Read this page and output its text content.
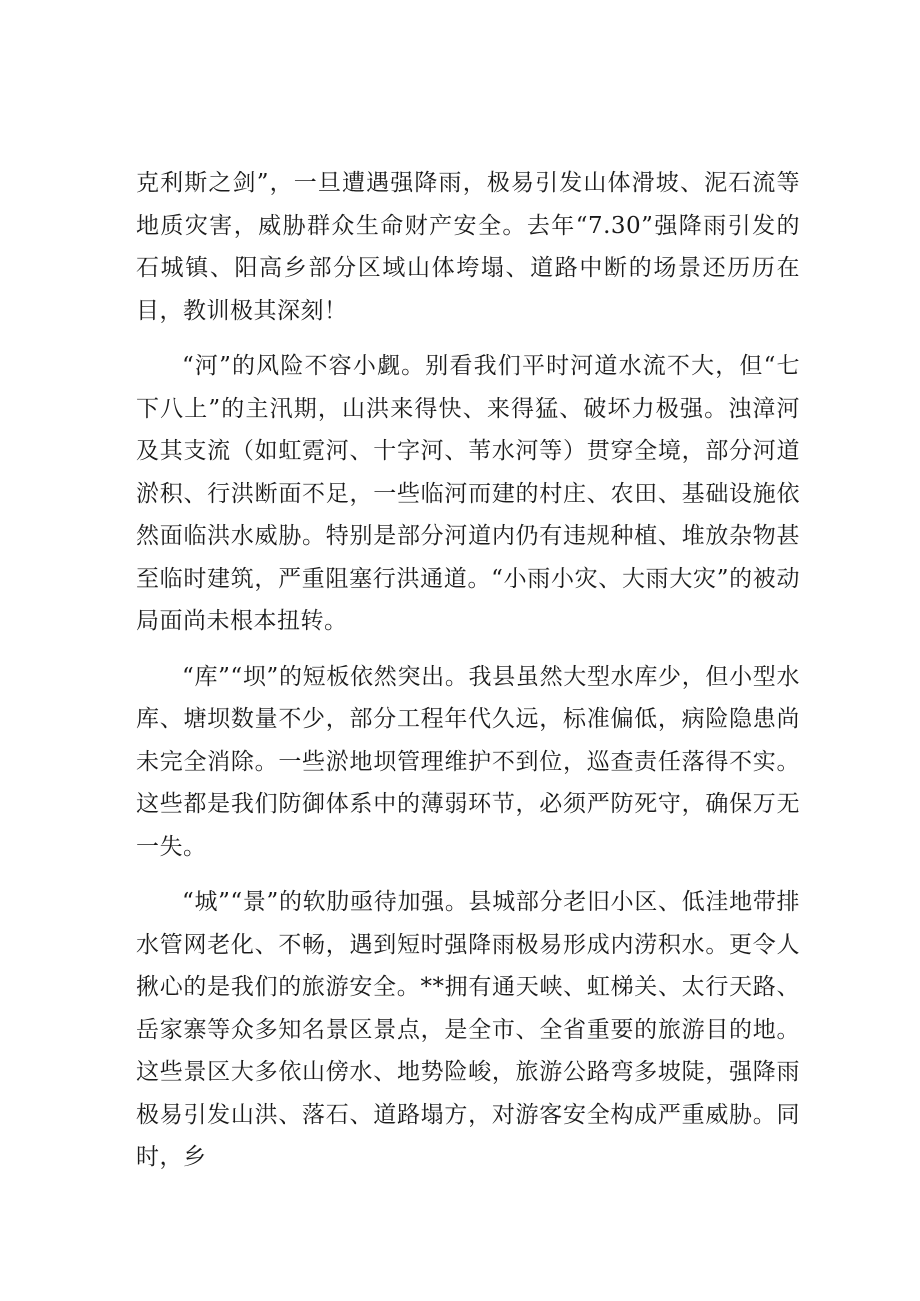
克利斯之剑”，一旦遭遇强降雨，极易引发山体滑坡、泥石流等地质灾害，威胁群众生命财产安全。去年“7.30”强降雨引发的石城镇、阳高乡部分区域山体垮塌、道路中断的场景还历历在目，教训极其深刻！

“河”的风险不容小觑。别看我们平时河道水流不大，但“七下八上”的主汛期，山洪来得快、来得猛、破坏力极强。浊漳河及其支流（如虹霓河、十字河、苇水河等）贯穿全境，部分河道淤积、行洪断面不足，一些临河而建的村庄、农田、基础设施依然面临洪水威胁。特别是部分河道内仍有违规种植、堆放杂物甚至临时建筑，严重阻塞行洪通道。“小雨小灾、大雨大灾”的被动局面尚未根本扭转。

“库”“坝”的短板依然突出。我县虽然大型水库少，但小型水库、塘坝数量不少，部分工程年代久远，标准偏低，病险隐患尚未完全消除。一些淤地坝管理维护不到位，巡查责任落得不实。这些都是我们防御体系中的薄弱环节，必须严防死守，确保万无一失。

“城”“景”的软肋亟待加强。县城部分老旧小区、低洼地带排水管网老化、不畅，遇到短时强降雨极易形成内涝积水。更令人揪心的是我们的旅游安全。**拥有通天峡、虹梯关、太行天路、岳家寨等众多知名景区景点，是全市、全省重要的旅游目的地。这些景区大多依山傍水、地势险峻，旅游公路弯多坡陡，强降雨极易引发山洪、落石、道路塌方，对游客安全构成严重威胁。同时，乡
